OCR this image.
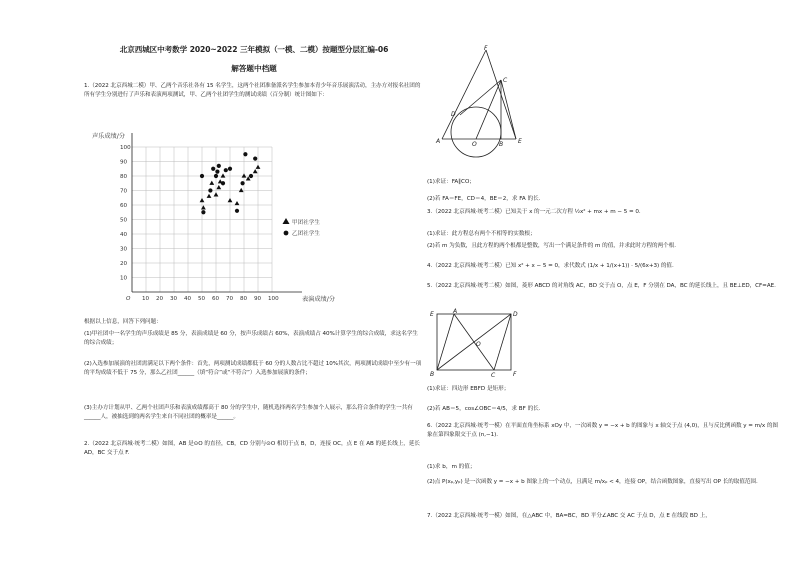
北京西城区中考数学 2020~2022 三年模拟（一模、二模）按题型分层汇编-06
解答题中档题
1.（2022 北京西城二模）甲、乙两个音乐社各有 15 名学生，这两个社团准备派名学生参加本青少年音乐展演活动，主办方对报名社团的所有学生分别进行了声乐和表演两项测试，甲、乙两个社团学生的测试成绩（百分制）统计图如下：
10 20 30 40 50 60 70 80 90 100
10
20
30
40
50
60
70
80
90
100
O
声乐成绩/分
表演成绩/分
甲团社学生
乙团社学生
根据以上信息，回答下列问题：
(1)甲社团中一名学生的声乐成绩是 85 分，表演成绩是 60 分，按声乐成绩占 60%，表演成绩占 40%计算学生的综合成绩，求这名学生的综合成绩；
(2)入选参加展演的社团需满足以下两个条件：首先，两项测试成绩都低于 60 分的人数占比不超过 10%其次，两项测试成绩中至少有一项的平均成绩不低于 75 分，那么乙社团______（填“符合”或“不符合”）入选参加展演的条件；
(3)主办方计划从甲、乙两个社团声乐和表演成绩都高于 80 分的学生中，随机选择两名学生参加个人展示，那么符合条件的学生一共有______人，被抽选到的两名学生来自不同社团的概率是______。
2.（2022 北京西城·统考二模）如图，AB 是⊙O 的直径，CB，CD 分别与⊙O 相切于点 B，D，连接 OC，点 E 在 AB 的延长线上，延长 AD，BC 交于点 F.
F
C
D
A	O	B E
(1)求证：FA∥CO；
(2)若 FA＝FE，CD＝4，BE＝2，求 FA 的长.
3.（2022 北京西城·统考二模）已知关于 x 的一元二次方程 ½x² + mx + m − 5 = 0.
(1)求证：此方程总有两个不相等的实数根；
(2)若 m 为负数，且此方程的两个根都是整数，写出一个满足条件的 m 的值，并求此时方程的两个根.
4.（2022 北京西城·统考二模）已知 x² + x − 5 = 0，求代数式 (1/x + 1/(x+1)) · 5/(6x+3) 的值.
5.（2022 北京西城·统考二模）如图，菱形 ABCD 的对角线 AC，BD 交于点 O，点 E，F 分别在 DA，BC 的延长线上，且 BE⊥ED，CF=AE.
E	A	D
O
B	F
C
(1)求证：四边形 EBFD 是矩形；
(2)若 AB＝5，cos∠OBC＝4/5，求 BF 的长.
6.（2022 北京西城·统考一模）在平面直角坐标系 xOy 中，一次函数 y = −x + b 的图象与 x 轴交于点 (4,0)，且与反比例函数 y = m/x 的图象在第四象限交于点 (n,−1).
(1)求 b，m 的值；
(2)点 P(xₚ,yₚ) 是一次函数 y = −x + b 图象上的一个动点，且满足 m/xₚ < 4，连接 OP，结合函数图象，直接写出 OP 长的取值范围.
7.（2022 北京西城·统考一模）如图，在△ABC 中，BA=BC，BD 平分∠ABC 交 AC 于点 D，点 E 在线段 BD 上，
